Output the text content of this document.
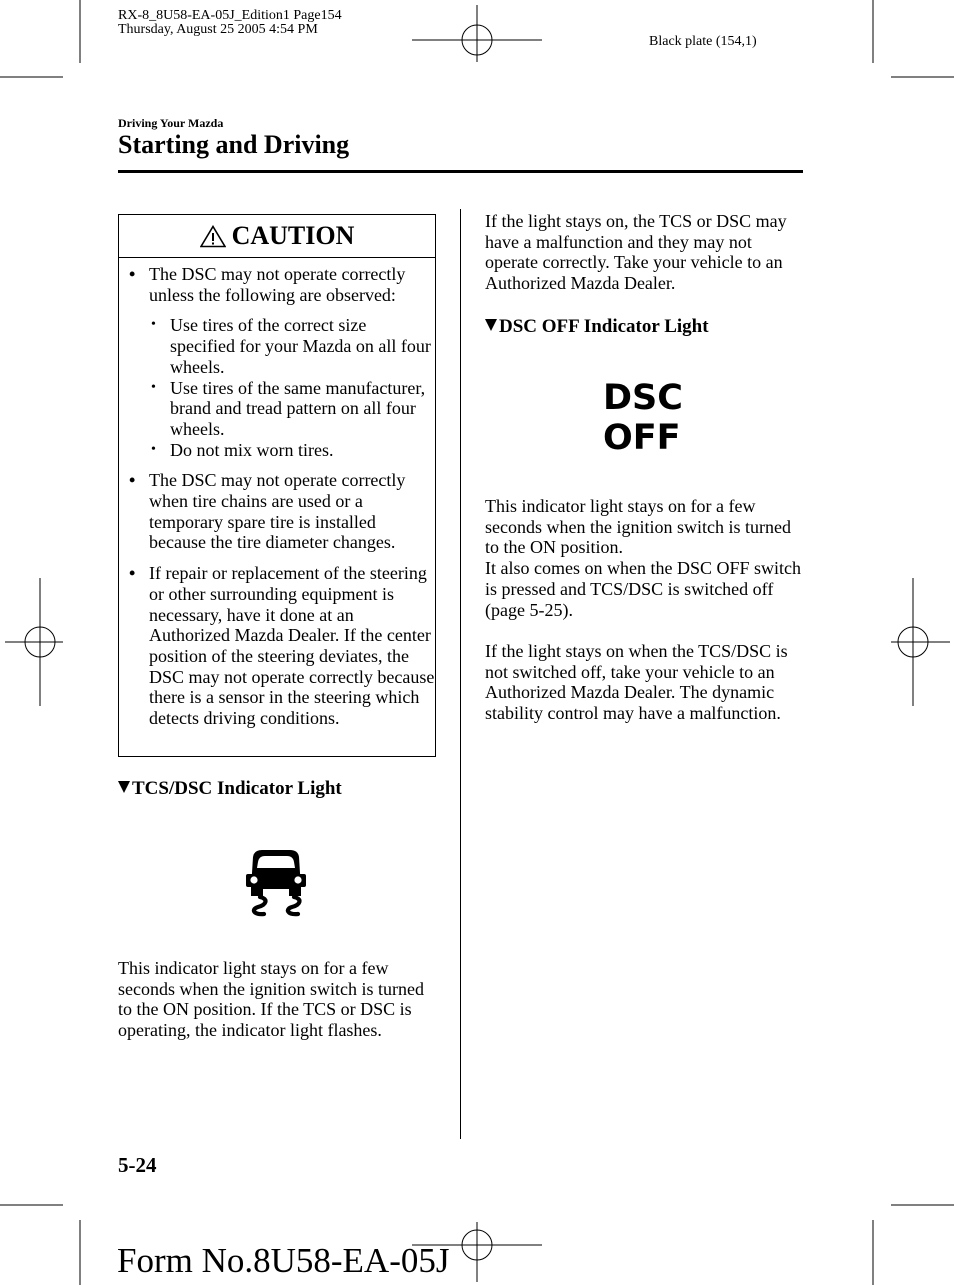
RX-8_8U58-EA-05J_Edition1 Page154
Thursday, August 25 2005 4:54 PM
Black plate (154,1)
Driving Your Mazda
Starting and Driving
CAUTION
• The DSC may not operate correctly unless the following are observed:
• Use tires of the correct size specified for your Mazda on all four wheels.
• Use tires of the same manufacturer, brand and tread pattern on all four wheels.
• Do not mix worn tires.
• The DSC may not operate correctly when tire chains are used or a temporary spare tire is installed because the tire diameter changes.
• If repair or replacement of the steering or other surrounding equipment is necessary, have it done at an Authorized Mazda Dealer. If the center position of the steering deviates, the DSC may not operate correctly because there is a sensor in the steering which detects driving conditions.
TCS/DSC Indicator Light
This indicator light stays on for a few seconds when the ignition switch is turned to the ON position. If the TCS or DSC is operating, the indicator light flashes.
If the light stays on, the TCS or DSC may have a malfunction and they may not operate correctly. Take your vehicle to an Authorized Mazda Dealer.
DSC OFF Indicator Light
DSC
OFF
This indicator light stays on for a few seconds when the ignition switch is turned to the ON position.
It also comes on when the DSC OFF switch is pressed and TCS/DSC is switched off (page 5-25).
If the light stays on when the TCS/DSC is not switched off, take your vehicle to an Authorized Mazda Dealer. The dynamic stability control may have a malfunction.
5-24
Form No.8U58-EA-05J
